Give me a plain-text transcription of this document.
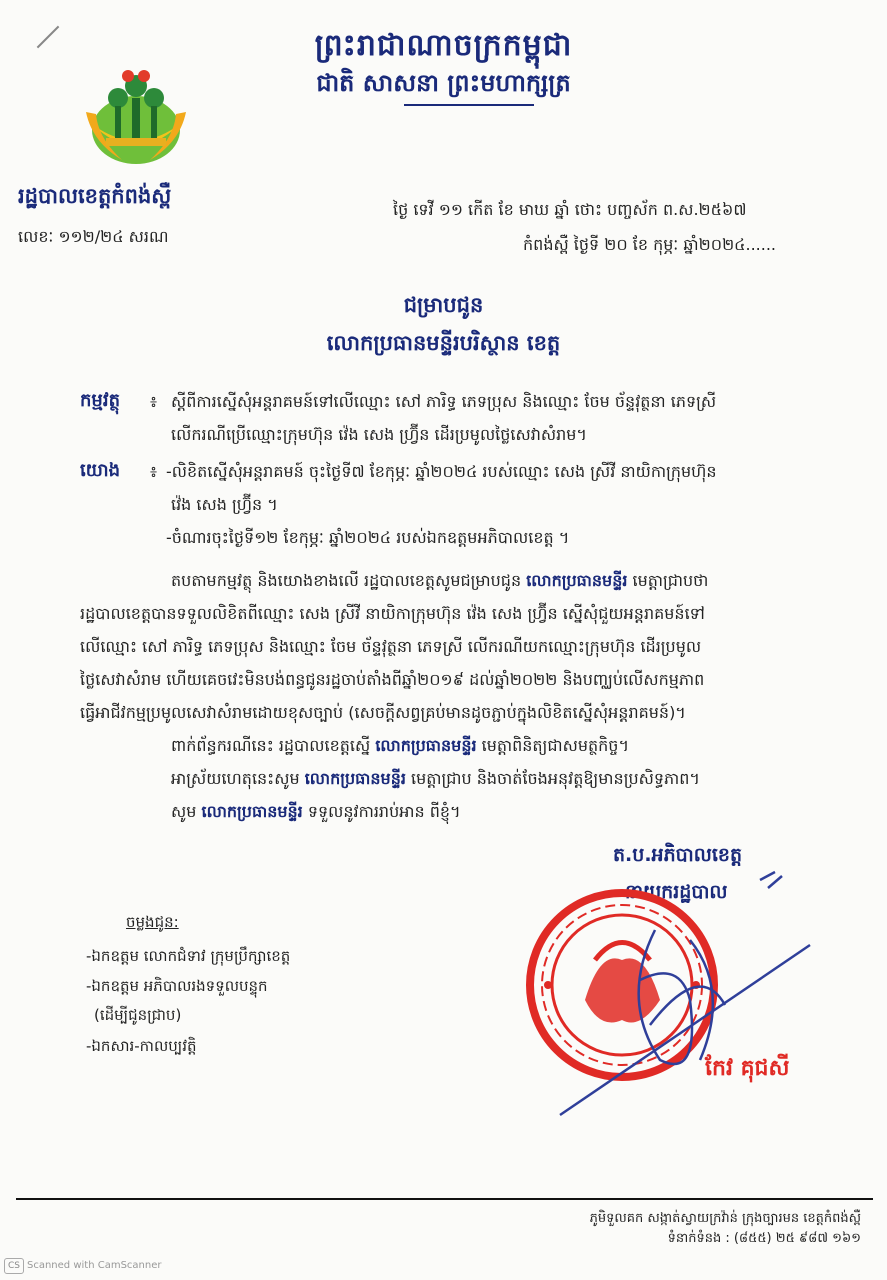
ព្រះរាជាណាចក្រកម្ពុជា
ជាតិ សាសនា ព្រះមហាក្សត្រ
រដ្ឋបាលខេត្តកំពង់ស្ពឺ
លេខៈ ១១២/២៤ សរណ
ថ្ងៃ ទេវី ១១ កើត ខែ មាឃ ឆ្នាំ ថោះ បញ្ចស័ក ព.ស.២៥៦៧
កំពង់ស្ពឺ ថ្ងៃទី ២០ ខែ កុម្ភៈ ឆ្នាំ២០២៤......
ជម្រាបជូន
លោកប្រធានមន្ទីរបរិស្ថាន ខេត្ត
កម្មវត្ថុ ៖ ស្តីពីការស្នើសុំអន្តរាគមន៍ទៅលើឈ្មោះ សៅ ភារិទ្ធ ភេទប្រុស និងឈ្មោះ ចែម ច័ន្ទវុត្ថនា ភេទស្រី
លើករណីប្រើឈ្មោះក្រុមហ៊ុន វ៉េង សេង ហ្វ្រ៊ីន ដើរប្រមូលថ្លៃសេវាសំរាម។
យោង ៖ -លិខិតស្នើសុំអន្តរាគមន៍ ចុះថ្ងៃទី៧ ខែកុម្ភៈ ឆ្នាំ២០២៤ របស់ឈ្មោះ សេង ស្រីវី នាយិកាក្រុមហ៊ុន
វ៉េង សេង ហ្វ្រ៊ីន ។
-ចំណារចុះថ្ងៃទី១២ ខែកុម្ភៈ ឆ្នាំ២០២៤ របស់ឯកឧត្តមអភិបាលខេត្ត ។
តបតាមកម្មវត្ថុ និងយោងខាងលើ រដ្ឋបាលខេត្តសូមជម្រាបជូន លោកប្រធានមន្ទីរ មេត្តាជ្រាបថា
រដ្ឋបាលខេត្តបានទទួលលិខិតពីឈ្មោះ សេង ស្រីវី នាយិកាក្រុមហ៊ុន វ៉េង សេង ហ្វ្រ៊ីន ស្នើសុំជួយអន្តរាគមន៍ទៅ
លើឈ្មោះ សៅ ភារិទ្ធ ភេទប្រុស និងឈ្មោះ ចែម ច័ន្ទវុត្ថនា ភេទស្រី លើករណីយកឈ្មោះក្រុមហ៊ុន ដើរប្រមូល
ថ្លៃសេវាសំរាម ហើយគេចវេះមិនបង់ពន្ធជូនរដ្ឋចាប់តាំងពីឆ្នាំ២០១៩ ដល់ឆ្នាំ២០២២ និងបញ្ឈប់លើសកម្មភាព
ធ្វើអាជីវកម្មប្រមូលសេវាសំរាមដោយខុសច្បាប់ (សេចក្តីសព្វគ្រប់មានដូចភ្ជាប់ក្នុងលិខិតស្នើសុំអន្តរាគមន៍)។
ពាក់ព័ន្ធករណីនេះ រដ្ឋបាលខេត្តស្នើ លោកប្រធានមន្ទីរ មេត្តាពិនិត្យជាសមត្ថកិច្ច។
អាស្រ័យហេតុនេះសូម លោកប្រធានមន្ទីរ មេត្តាជ្រាប និងចាត់ចែងអនុវត្តឱ្យមានប្រសិទ្ធភាព។
សូម លោកប្រធានមន្ទីរ ទទួលនូវការរាប់អាន ពីខ្ញុំ។
ត.ប.អភិបាលខេត្ត
នាយករដ្ឋបាល
កែវ គុជសី
ចម្លងជូន:
-ឯកឧត្តម លោកជំទាវ ក្រុមប្រឹក្សាខេត្ត
-ឯកឧត្តម អភិបាលរងទទួលបន្ទុក
(ដើម្បីជូនជ្រាប)
-ឯកសារ-កាលប្បវត្តិ
ភូមិទួលគក សង្កាត់ស្វាយក្រវ៉ាន់ ក្រុងច្បារមន ខេត្តកំពង់ស្ពឺ
ទំនាក់ទំនង : (៨៥៥) ២៥ ៩៨៧ ១៦១
CS Scanned with CamScanner
